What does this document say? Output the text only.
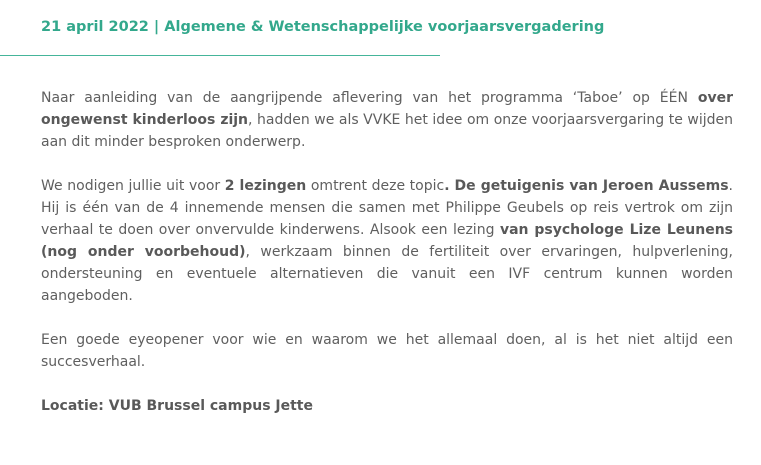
21 april 2022 | Algemene & Wetenschappelijke voorjaarsvergadering

Naar aanleiding van de aangrijpende aflevering van het programma ‘Taboe’ op ÉÉN over ongewenst kinderloos zijn, hadden we als VVKE het idee om onze voorjaarsvergaring te wijden aan dit minder besproken onderwerp.

We nodigen jullie uit voor 2 lezingen omtrent deze topic. De getuigenis van Jeroen Aussems. Hij is één van de 4 innemende mensen die samen met Philippe Geubels op reis vertrok om zijn verhaal te doen over onvervulde kinderwens. Alsook een lezing van psychologe Lize Leunens (nog onder voorbehoud), werkzaam binnen de fertiliteit over ervaringen, hulpverlening, ondersteuning en eventuele alternatieven die vanuit een IVF centrum kunnen worden aangeboden.

Een goede eyeopener voor wie en waarom we het allemaal doen, al is het niet altijd een succesverhaal.

Locatie: VUB Brussel campus Jette
